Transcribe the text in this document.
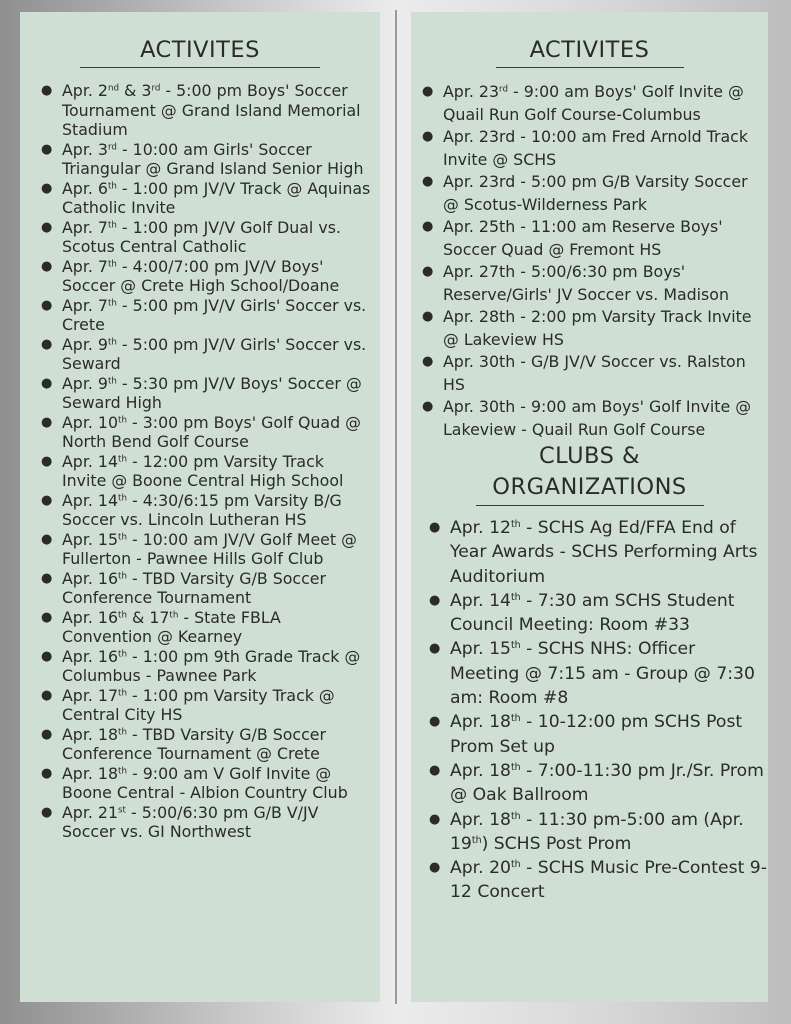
ACTIVITES
● Apr. 2nd & 3rd - 5:00 pm Boys' Soccer Tournament @ Grand Island Memorial Stadium
● Apr. 3rd - 10:00 am Girls' Soccer Triangular @ Grand Island Senior High
● Apr. 6th - 1:00 pm JV/V Track @ Aquinas Catholic Invite
● Apr. 7th - 1:00 pm JV/V Golf Dual vs. Scotus Central Catholic
● Apr. 7th - 4:00/7:00 pm JV/V Boys' Soccer @ Crete High School/Doane
● Apr. 7th - 5:00 pm JV/V Girls' Soccer vs. Crete
● Apr. 9th - 5:00 pm JV/V Girls' Soccer vs. Seward
● Apr. 9th - 5:30 pm JV/V Boys' Soccer @ Seward High
● Apr. 10th - 3:00 pm Boys' Golf Quad @ North Bend Golf Course
● Apr. 14th - 12:00 pm Varsity Track Invite @ Boone Central High School
● Apr. 14th - 4:30/6:15 pm Varsity B/G Soccer vs. Lincoln Lutheran HS
● Apr. 15th - 10:00 am JV/V Golf Meet @ Fullerton - Pawnee Hills Golf Club
● Apr. 16th - TBD Varsity G/B Soccer Conference Tournament
● Apr. 16th & 17th - State FBLA Convention @ Kearney
● Apr. 16th - 1:00 pm 9th Grade Track @ Columbus - Pawnee Park
● Apr. 17th - 1:00 pm Varsity Track @ Central City HS
● Apr. 18th - TBD Varsity G/B Soccer Conference Tournament @ Crete
● Apr. 18th - 9:00 am V Golf Invite @ Boone Central - Albion Country Club
● Apr. 21st - 5:00/6:30 pm G/B V/JV Soccer vs. GI Northwest
ACTIVITES
● Apr. 23rd - 9:00 am Boys' Golf Invite @ Quail Run Golf Course-Columbus
● Apr. 23rd - 10:00 am Fred Arnold Track Invite @ SCHS
● Apr. 23rd - 5:00 pm G/B Varsity Soccer @ Scotus-Wilderness Park
● Apr. 25th - 11:00 am Reserve Boys' Soccer Quad @ Fremont HS
● Apr. 27th - 5:00/6:30 pm Boys' Reserve/Girls' JV Soccer vs. Madison
● Apr. 28th - 2:00 pm Varsity Track Invite @ Lakeview HS
● Apr. 30th - G/B JV/V Soccer vs. Ralston HS
● Apr. 30th - 9:00 am Boys' Golf Invite @ Lakeview - Quail Run Golf Course
CLUBS &
ORGANIZATIONS
● Apr. 12th - SCHS Ag Ed/FFA End of Year Awards - SCHS Performing Arts Auditorium
● Apr. 14th - 7:30 am SCHS Student Council Meeting: Room #33
● Apr. 15th - SCHS NHS: Officer Meeting @ 7:15 am - Group @ 7:30 am: Room #8
● Apr. 18th - 10-12:00 pm SCHS Post Prom Set up
● Apr. 18th - 7:00-11:30 pm Jr./Sr. Prom @ Oak Ballroom
● Apr. 18th - 11:30 pm-5:00 am (Apr. 19th) SCHS Post Prom
● Apr. 20th - SCHS Music Pre-Contest 9-12 Concert
